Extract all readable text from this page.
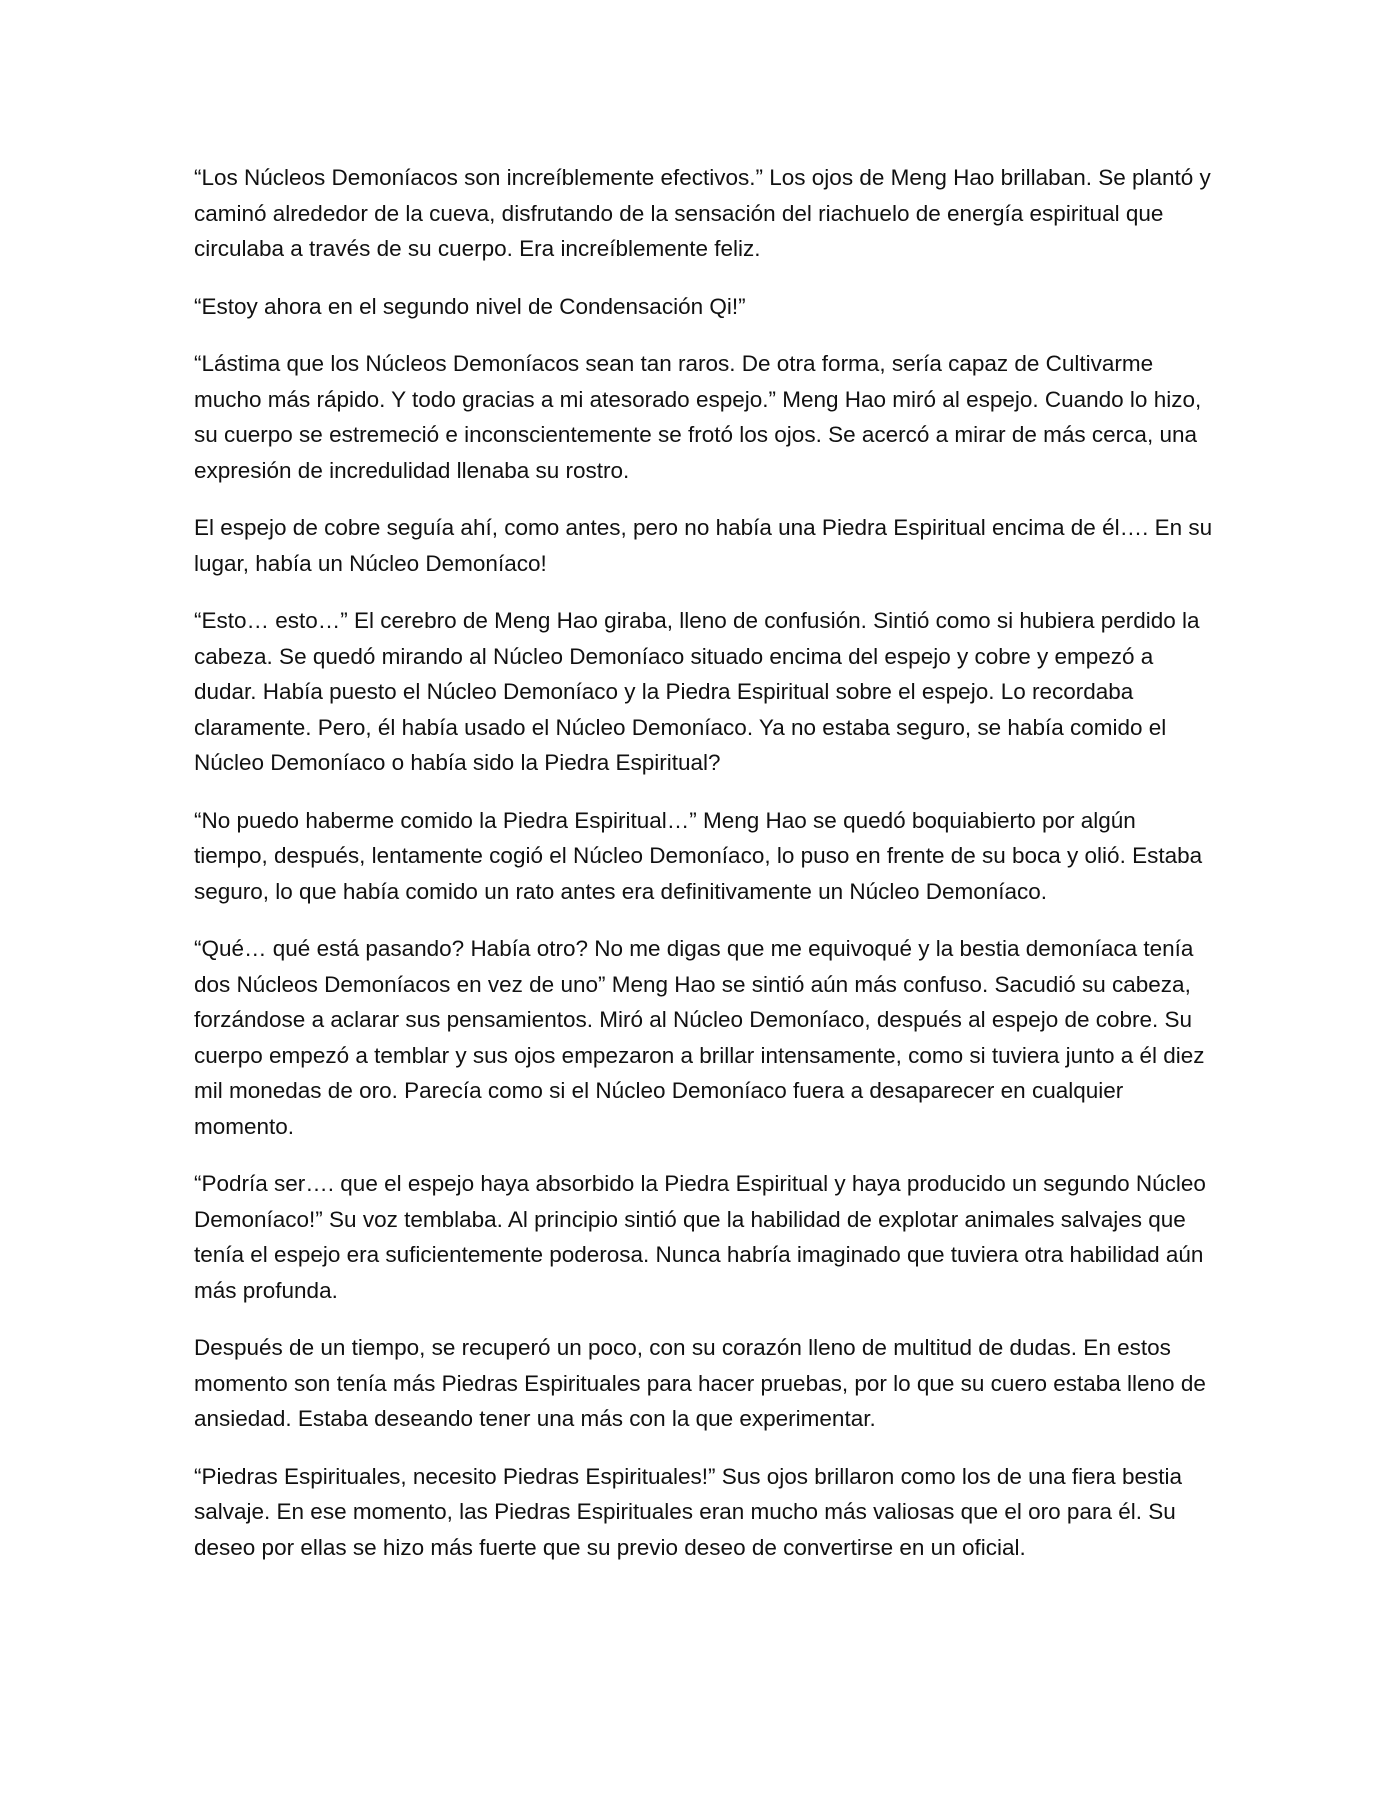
“Los Núcleos Demoníacos son increíblemente efectivos.” Los ojos de Meng Hao brillaban. Se plantó y caminó alrededor de la cueva, disfrutando de la sensación del riachuelo de energía espiritual que circulaba a través de su cuerpo. Era increíblemente feliz.

“Estoy ahora en el segundo nivel de Condensación Qi!”

“Lástima que los Núcleos Demoníacos sean tan raros. De otra forma, sería capaz de Cultivarme mucho más rápido. Y todo gracias a mi atesorado espejo.” Meng Hao miró al espejo. Cuando lo hizo, su cuerpo se estremeció e inconscientemente se frotó los ojos. Se acercó a mirar de más cerca, una expresión de incredulidad llenaba su rostro.

El espejo de cobre seguía ahí, como antes, pero no había una Piedra Espiritual encima de él…. En su lugar, había un Núcleo Demoníaco!

“Esto… esto…” El cerebro de Meng Hao giraba, lleno de confusión. Sintió como si hubiera perdido la cabeza. Se quedó mirando al Núcleo Demoníaco situado encima del espejo y cobre y empezó a dudar. Había puesto el Núcleo Demoníaco y la Piedra Espiritual sobre el espejo. Lo recordaba claramente. Pero, él había usado el Núcleo Demoníaco. Ya no estaba seguro, se había comido el Núcleo Demoníaco o había sido la Piedra Espiritual?

“No puedo haberme comido la Piedra Espiritual…” Meng Hao se quedó boquiabierto por algún tiempo, después, lentamente cogió el Núcleo Demoníaco, lo puso en frente de su boca y olió. Estaba seguro, lo que había comido un rato antes era definitivamente un Núcleo Demoníaco.

“Qué… qué está pasando? Había otro? No me digas que me equivoqué y la bestia demoníaca tenía dos Núcleos Demoníacos en vez de uno” Meng Hao se sintió aún más confuso. Sacudió su cabeza, forzándose a aclarar sus pensamientos. Miró al Núcleo Demoníaco, después al espejo de cobre. Su cuerpo empezó a temblar y sus ojos empezaron a brillar intensamente, como si tuviera junto a él diez mil monedas de oro. Parecía como si el Núcleo Demoníaco fuera a desaparecer en cualquier momento.

“Podría ser…. que el espejo haya absorbido la Piedra Espiritual y haya producido un segundo Núcleo Demoníaco!” Su voz temblaba. Al principio sintió que la habilidad de explotar animales salvajes que tenía el espejo era suficientemente poderosa. Nunca habría imaginado que tuviera otra habilidad aún más profunda.

Después de un tiempo, se recuperó un poco, con su corazón lleno de multitud de dudas. En estos momento son tenía más Piedras Espirituales para hacer pruebas, por lo que su cuero estaba lleno de ansiedad. Estaba deseando tener una más con la que experimentar.

“Piedras Espirituales, necesito Piedras Espirituales!” Sus ojos brillaron como los de una fiera bestia salvaje. En ese momento, las Piedras Espirituales eran mucho más valiosas que el oro para él. Su deseo por ellas se hizo más fuerte que su previo deseo de convertirse en un oficial.
